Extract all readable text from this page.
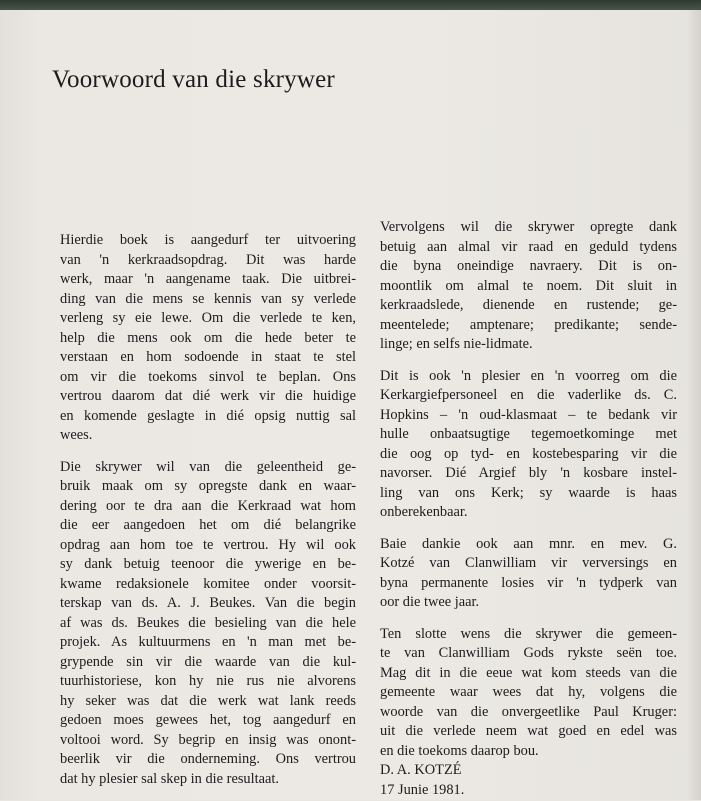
Voorwoord van die skrywer
Hierdie boek is aangedurf ter uitvoering
van 'n kerkraadsopdrag. Dit was harde
werk, maar 'n aangename taak. Die uitbrei-
ding van die mens se kennis van sy verlede
verleng sy eie lewe. Om die verlede te ken,
help die mens ook om die hede beter te
verstaan en hom sodoende in staat te stel
om vir die toekoms sinvol te beplan. Ons
vertrou daarom dat dié werk vir die huidige
en komende geslagte in dié opsig nuttig sal
wees.
Die skrywer wil van die geleentheid ge-
bruik maak om sy opregste dank en waar-
dering oor te dra aan die Kerkraad wat hom
die eer aangedoen het om dié belangrike
opdrag aan hom toe te vertrou. Hy wil ook
sy dank betuig teenoor die ywerige en be-
kwame redaksionele komitee onder voorsit-
terskap van ds. A. J. Beukes. Van die begin
af was ds. Beukes die besieling van die hele
projek. As kultuurmens en 'n man met be-
grypende sin vir die waarde van die kul-
tuurhistoriese, kon hy nie rus nie alvorens
hy seker was dat die werk wat lank reeds
gedoen moes gewees het, tog aangedurf en
voltooi word. Sy begrip en insig was onont-
beerlik vir die onderneming. Ons vertrou
dat hy plesier sal skep in die resultaat.
Vervolgens wil die skrywer opregte dank
betuig aan almal vir raad en geduld tydens
die byna oneindige navraery. Dit is on-
moontlik om almal te noem. Dit sluit in
kerkraadslede, dienende en rustende; ge-
meentelede; amptenare; predikante; sende-
linge; en selfs nie-lidmate.
Dit is ook 'n plesier en 'n voorreg om die
Kerkargiefpersoneel en die vaderlike ds. C.
Hopkins – 'n oud-klasmaat – te bedank vir
hulle onbaatsugtige tegemoetkominge met
die oog op tyd- en kostebesparing vir die
navorser. Dié Argief bly 'n kosbare instel-
ling van ons Kerk; sy waarde is haas
onberekenbaar.
Baie dankie ook aan mnr. en mev. G.
Kotzé van Clanwilliam vir verversings en
byna permanente losies vir 'n tydperk van
oor die twee jaar.
Ten slotte wens die skrywer die gemeen-
te van Clanwilliam Gods rykste seën toe.
Mag dit in die eeue wat kom steeds van die
gemeente waar wees dat hy, volgens die
woorde van die onvergeetlike Paul Kruger:
uit die verlede neem wat goed en edel was
en die toekoms daarop bou.
D. A. KOTZÉ
17 Junie 1981.
